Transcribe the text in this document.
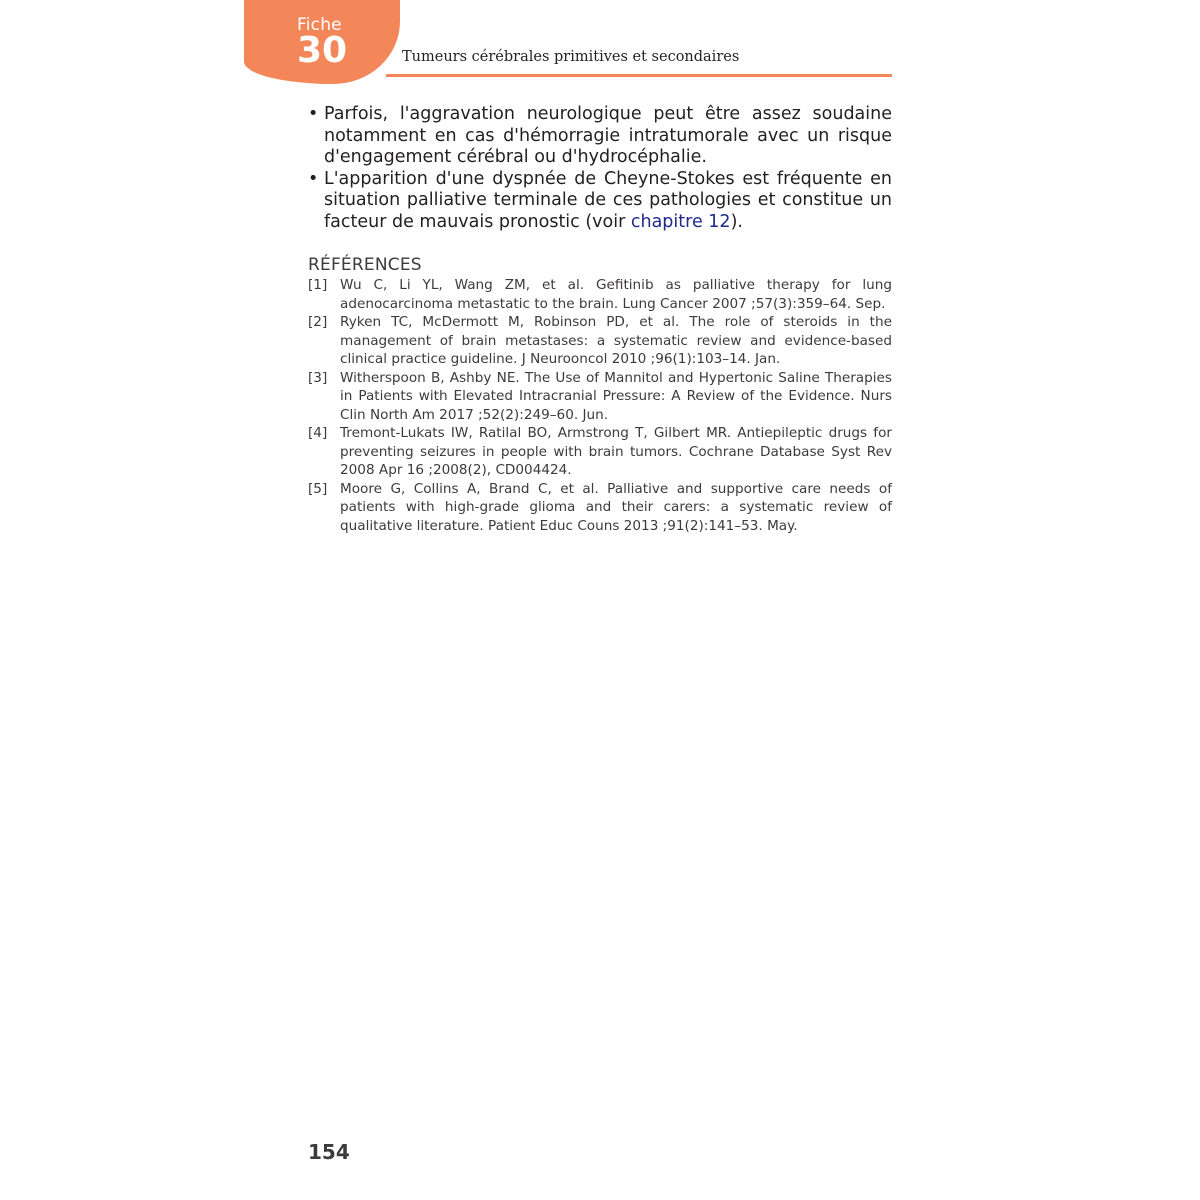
Fiche
30	Tumeurs cérébrales primitives et secondaires
• Parfois, l'aggravation neurologique peut être assez soudaine notamment en cas d'hémorragie intratumorale avec un risque d'engagement cérébral ou d'hydrocéphalie.
• L'apparition d'une dyspnée de Cheyne-Stokes est fréquente en situation palliative terminale de ces pathologies et constitue un facteur de mauvais pronostic (voir chapitre 12).
RÉFÉRENCES
[1] Wu C, Li YL, Wang ZM, et al. Gefitinib as palliative therapy for lung adenocarcinoma metastatic to the brain. Lung Cancer 2007 ;57(3):359–64. Sep.
[2] Ryken TC, McDermott M, Robinson PD, et al. The role of steroids in the management of brain metastases: a systematic review and evidence-based clinical practice guideline. J Neurooncol 2010 ;96(1):103–14. Jan.
[3] Witherspoon B, Ashby NE. The Use of Mannitol and Hypertonic Saline Therapies in Patients with Elevated Intracranial Pressure: A Review of the Evidence. Nurs Clin North Am 2017 ;52(2):249–60. Jun.
[4] Tremont-Lukats IW, Ratilal BO, Armstrong T, Gilbert MR. Antiepileptic drugs for preventing seizures in people with brain tumors. Cochrane Database Syst Rev 2008 Apr 16 ;2008(2), CD004424.
[5] Moore G, Collins A, Brand C, et al. Palliative and supportive care needs of patients with high-grade glioma and their carers: a systematic review of qualitative literature. Patient Educ Couns 2013 ;91(2):141–53. May.
154
